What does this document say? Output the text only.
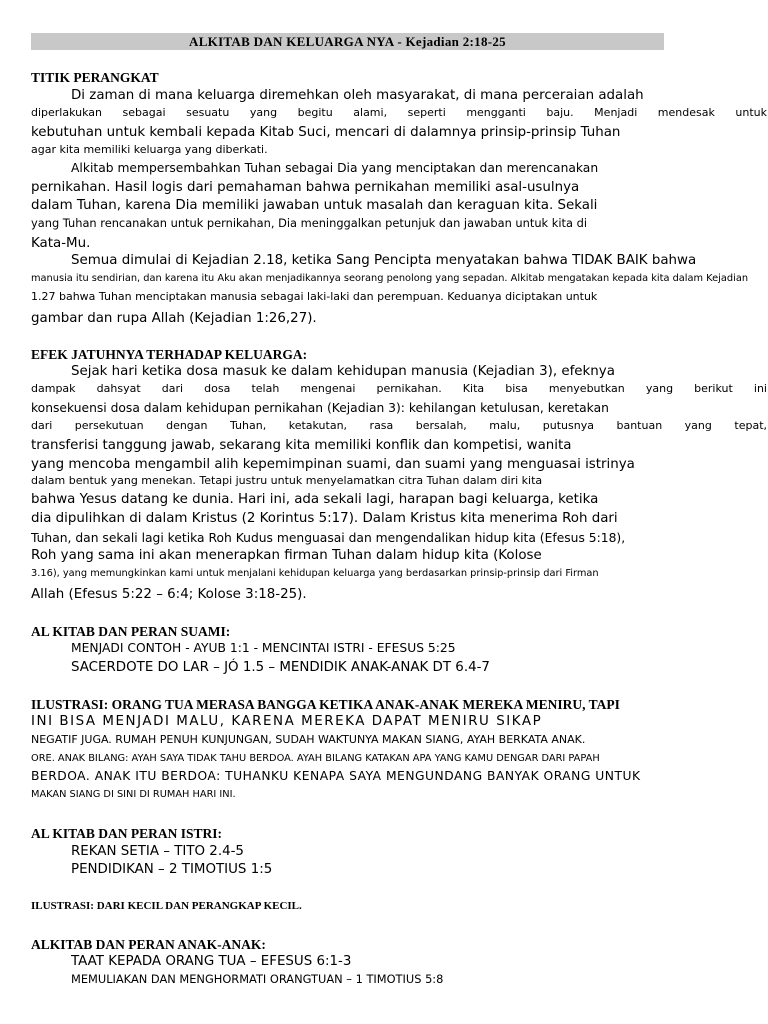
ALKITAB DAN KELUARGA NYA - Kejadian 2:18-25
TITIK PERANGKAT
Di zaman di mana keluarga diremehkan oleh masyarakat, di mana perceraian adalah
diperlakukan sebagai sesuatu yang begitu alami, seperti mengganti baju. Menjadi mendesak untuk
kebutuhan untuk kembali kepada Kitab Suci, mencari di dalamnya prinsip-prinsip Tuhan
agar kita memiliki keluarga yang diberkati.
Alkitab mempersembahkan Tuhan sebagai Dia yang menciptakan dan merencanakan
pernikahan. Hasil logis dari pemahaman bahwa pernikahan memiliki asal-usulnya
dalam Tuhan, karena Dia memiliki jawaban untuk masalah dan keraguan kita. Sekali
yang Tuhan rencanakan untuk pernikahan, Dia meninggalkan petunjuk dan jawaban untuk kita di
Kata-Mu.
Semua dimulai di Kejadian 2.18, ketika Sang Pencipta menyatakan bahwa TIDAK BAIK bahwa
manusia itu sendirian, dan karena itu Aku akan menjadikannya seorang penolong yang sepadan. Alkitab mengatakan kepada kita dalam Kejadian
1.27 bahwa Tuhan menciptakan manusia sebagai laki-laki dan perempuan. Keduanya diciptakan untuk
gambar dan rupa Allah (Kejadian 1:26,27).
EFEK JATUHNYA TERHADAP KELUARGA:
Sejak hari ketika dosa masuk ke dalam kehidupan manusia (Kejadian 3), efeknya
dampak dahsyat dari dosa telah mengenai pernikahan. Kita bisa menyebutkan yang berikut ini
konsekuensi dosa dalam kehidupan pernikahan (Kejadian 3): kehilangan ketulusan, keretakan
dari persekutuan dengan Tuhan, ketakutan, rasa bersalah, malu, putusnya bantuan yang tepat,
transferisi tanggung jawab, sekarang kita memiliki konflik dan kompetisi, wanita
yang mencoba mengambil alih kepemimpinan suami, dan suami yang menguasai istrinya
dalam bentuk yang menekan. Tetapi justru untuk menyelamatkan citra Tuhan dalam diri kita
bahwa Yesus datang ke dunia. Hari ini, ada sekali lagi, harapan bagi keluarga, ketika
dia dipulihkan di dalam Kristus (2 Korintus 5:17). Dalam Kristus kita menerima Roh dari
Tuhan, dan sekali lagi ketika Roh Kudus menguasai dan mengendalikan hidup kita (Efesus 5:18),
Roh yang sama ini akan menerapkan firman Tuhan dalam hidup kita (Kolose
3.16), yang memungkinkan kami untuk menjalani kehidupan keluarga yang berdasarkan prinsip-prinsip dari Firman
Allah (Efesus 5:22 – 6:4; Kolose 3:18-25).
AL KITAB DAN PERAN SUAMI:
MENJADI CONTOH - AYUB 1:1 - MENCINTAI ISTRI - EFESUS 5:25
SACERDOTE DO LAR – JÓ 1.5 – MENDIDIK ANAK-ANAK DT 6.4-7
ILUSTRASI: ORANG TUA MERASA BANGGA KETIKA ANAK-ANAK MEREKA MENIRU, TAPI
INI BISA MENJADI MALU, KARENA MEREKA DAPAT MENIRU SIKAP
NEGATIF JUGA. RUMAH PENUH KUNJUNGAN, SUDAH WAKTUNYA MAKAN SIANG, AYAH BERKATA ANAK.
ORE. ANAK BILANG: AYAH SAYA TIDAK TAHU BERDOA. AYAH BILANG KATAKAN APA YANG KAMU DENGAR DARI PAPAH
BERDOA. ANAK ITU BERDOA: TUHANKU KENAPA SAYA MENGUNDANG BANYAK ORANG UNTUK
MAKAN SIANG DI SINI DI RUMAH HARI INI.
AL KITAB DAN PERAN ISTRI:
REKAN SETIA – TITO 2.4-5
PENDIDIKAN – 2 TIMOTIUS 1:5
ILUSTRASI: DARI KECIL DAN PERANGKAP KECIL.
ALKITAB DAN PERAN ANAK-ANAK:
TAAT KEPADA ORANG TUA – EFESUS 6:1-3
MEMULIAKAN DAN MENGHORMATI ORANGTUAN – 1 TIMOTIUS 5:8
